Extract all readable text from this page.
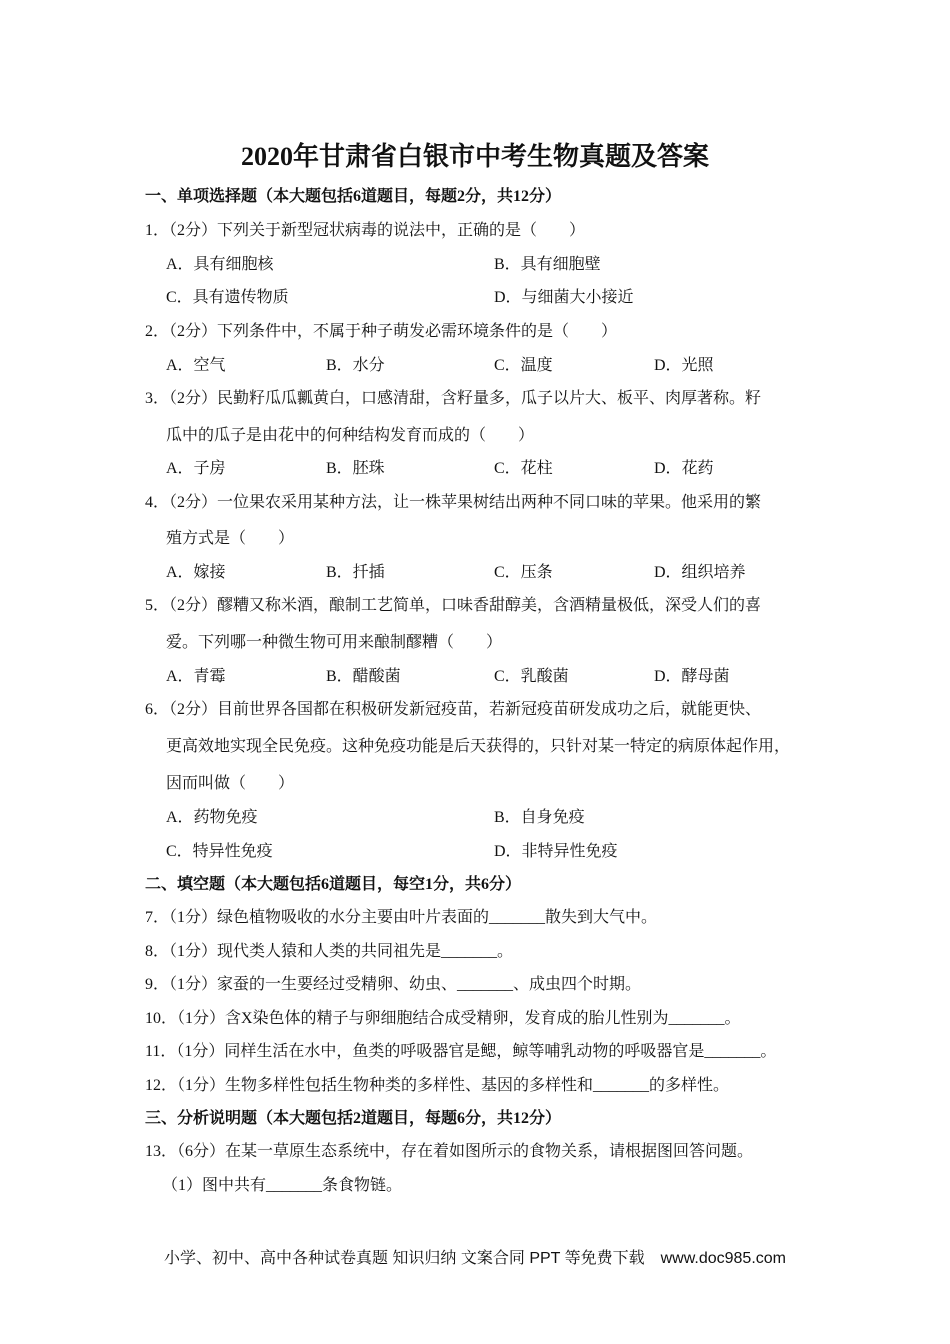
2020年甘肃省白银市中考生物真题及答案
一、单项选择题（本大题包括6道题目，每题2分，共12分）
1．（2分）下列关于新型冠状病毒的说法中，正确的是（　　）
A．具有细胞核	B．具有细胞壁
C．具有遗传物质	D．与细菌大小接近
2．（2分）下列条件中，不属于种子萌发必需环境条件的是（　　）
A．空气	B．水分	C．温度	D．光照
3．（2分）民勤籽瓜瓜瓤黄白，口感清甜，含籽量多，瓜子以片大、板平、肉厚著称。籽
瓜中的瓜子是由花中的何种结构发育而成的（　　）
A．子房	B．胚珠	C．花柱	D．花药
4．（2分）一位果农采用某种方法，让一株苹果树结出两种不同口味的苹果。他采用的繁
殖方式是（　　）
A．嫁接	B．扦插	C．压条	D．组织培养
5．（2分）醪糟又称米酒，酿制工艺简单，口味香甜醇美，含酒精量极低，深受人们的喜
爱。下列哪一种微生物可用来酿制醪糟（　　）
A．青霉	B．醋酸菌	C．乳酸菌	D．酵母菌
6．（2分）目前世界各国都在积极研发新冠疫苗，若新冠疫苗研发成功之后，就能更快、
更高效地实现全民免疫。这种免疫功能是后天获得的，只针对某一特定的病原体起作用，
因而叫做（　　）
A．药物免疫	B．自身免疫
C．特异性免疫	D．非特异性免疫
二、填空题（本大题包括6道题目，每空1分，共6分）
7．（1分）绿色植物吸收的水分主要由叶片表面的_______散失到大气中。
8．（1分）现代类人猿和人类的共同祖先是_______。
9．（1分）家蚕的一生要经过受精卵、幼虫、_______、成虫四个时期。
10．（1分）含X染色体的精子与卵细胞结合成受精卵，发育成的胎儿性别为_______。
11．（1分）同样生活在水中，鱼类的呼吸器官是鳃，鲸等哺乳动物的呼吸器官是_______。
12．（1分）生物多样性包括生物种类的多样性、基因的多样性和_______的多样性。
三、分析说明题（本大题包括2道题目，每题6分，共12分）
13．（6分）在某一草原生态系统中，存在着如图所示的食物关系，请根据图回答问题。
（1）图中共有_______条食物链。
小学、初中、高中各种试卷真题 知识归纳 文案合同 PPT 等免费下载　www.doc985.com
